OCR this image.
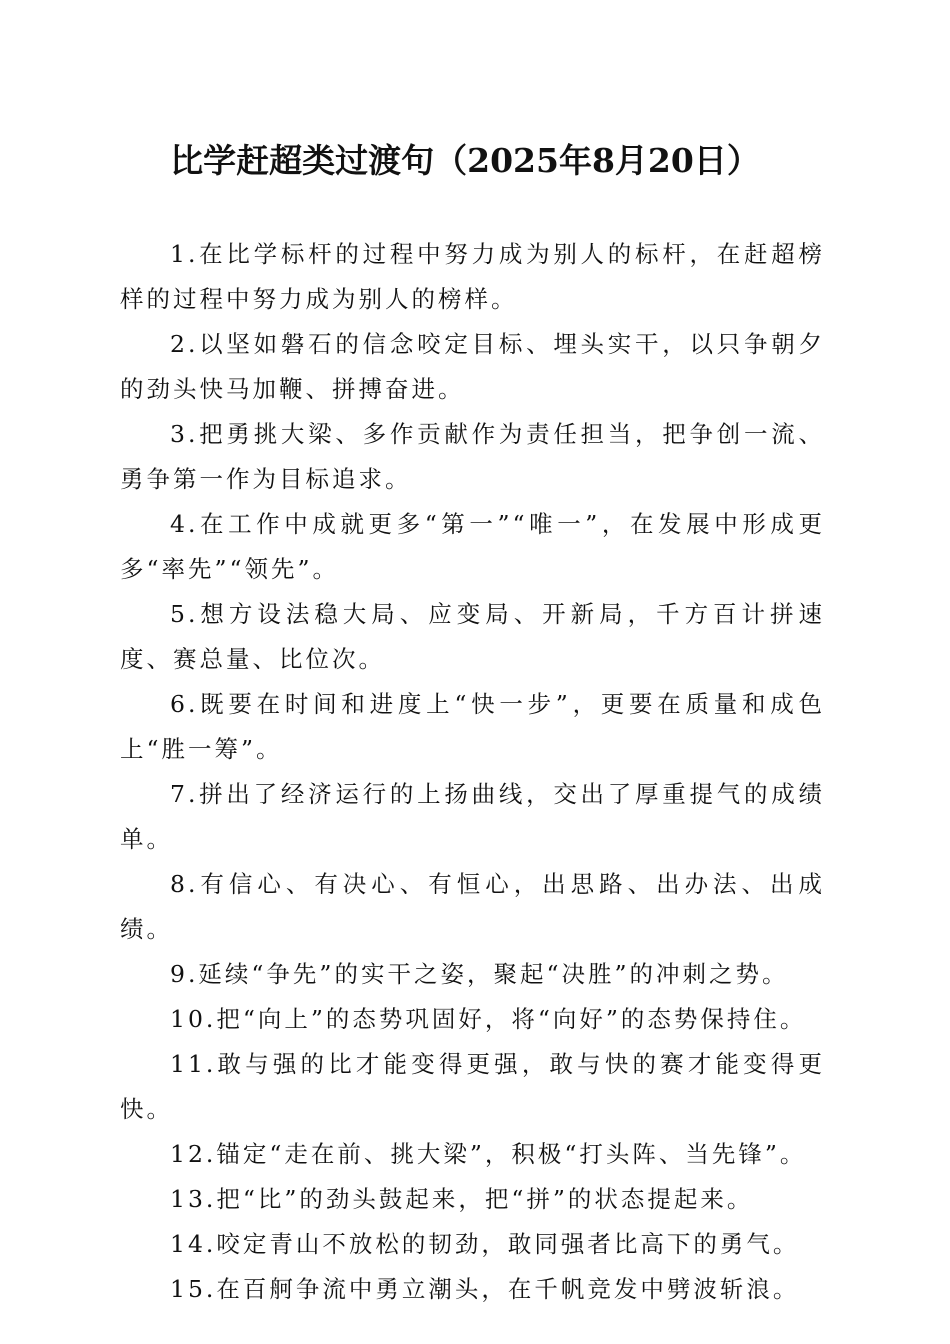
比学赶超类过渡句（2025年8月20日）

1.在比学标杆的过程中努力成为别人的标杆，在赶超榜样的过程中努力成为别人的榜样。

2.以坚如磐石的信念咬定目标、埋头实干，以只争朝夕的劲头快马加鞭、拼搏奋进。

3.把勇挑大梁、多作贡献作为责任担当，把争创一流、勇争第一作为目标追求。

4.在工作中成就更多“第一”“唯一”，在发展中形成更多“率先”“领先”。

5.想方设法稳大局、应变局、开新局，千方百计拼速度、赛总量、比位次。

6.既要在时间和进度上“快一步”，更要在质量和成色上“胜一筹”。

7.拼出了经济运行的上扬曲线，交出了厚重提气的成绩单。

8.有信心、有决心、有恒心，出思路、出办法、出成绩。

9.延续“争先”的实干之姿，聚起“决胜”的冲刺之势。

10.把“向上”的态势巩固好，将“向好”的态势保持住。

11.敢与强的比才能变得更强，敢与快的赛才能变得更快。

12.锚定“走在前、挑大梁”，积极“打头阵、当先锋”。

13.把“比”的劲头鼓起来，把“拼”的状态提起来。

14.咬定青山不放松的韧劲，敢同强者比高下的勇气。

15.在百舸争流中勇立潮头，在千帆竞发中劈波斩浪。
